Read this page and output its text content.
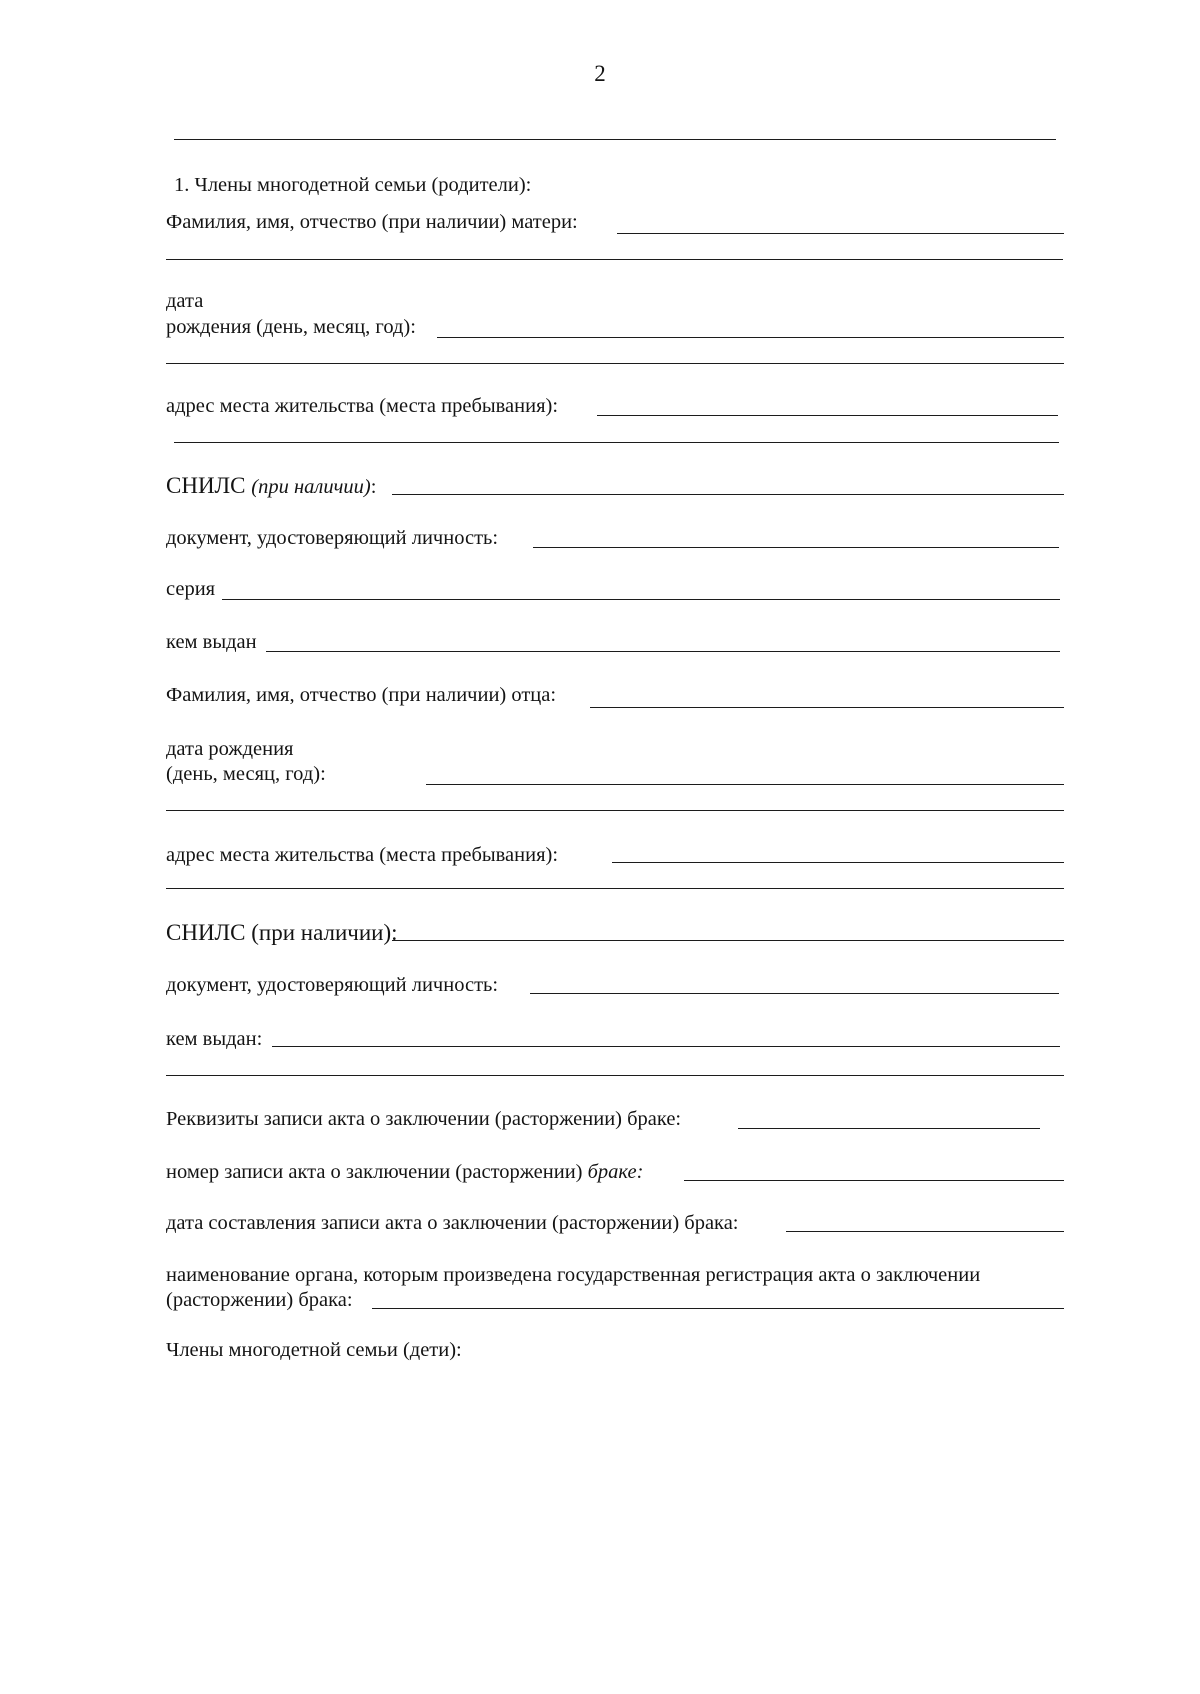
2
1. Члены многодетной семьи (родители):
Фамилия, имя, отчество (при наличии) матери:
дата
рождения (день, месяц, год):
адрес места жительства (места пребывания):
СНИЛС (при наличии):
документ, удостоверяющий личность:
серия
кем выдан
Фамилия, имя, отчество (при наличии) отца:
дата рождения
(день, месяц, год):
адрес места жительства (места пребывания):
СНИЛС (при наличии):
документ, удостоверяющий личность:
кем выдан:
Реквизиты записи акта о заключении (расторжении) браке:
номер записи акта о заключении (расторжении) браке:
дата составления записи акта о заключении (расторжении) брака:
наименование органа, которым произведена государственная регистрация акта о заключении
(расторжении) брака:
Члены многодетной семьи (дети):
